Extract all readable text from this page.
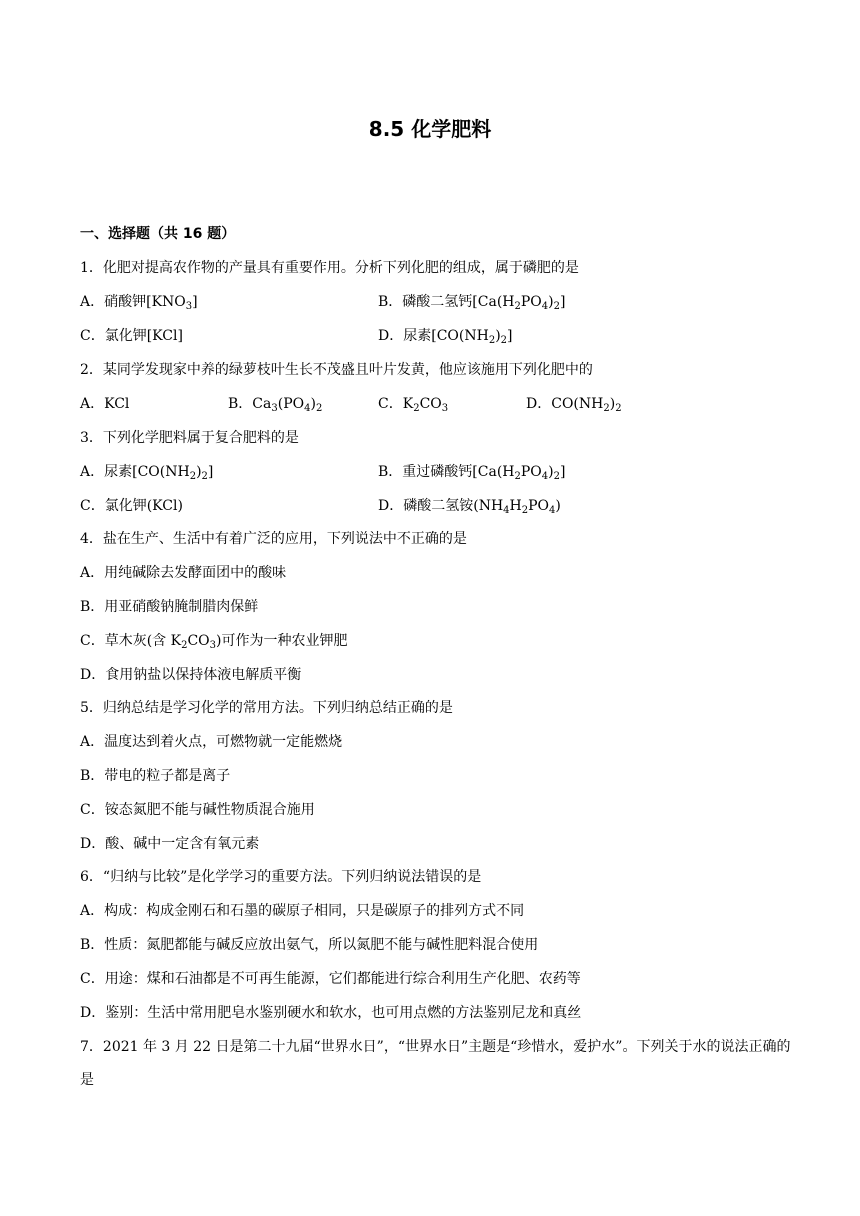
8.5 化学肥料
一、选择题（共 16 题）
1．化肥对提高农作物的产量具有重要作用。分析下列化肥的组成，属于磷肥的是
A．硝酸钾$[KNO_3]$	B．磷酸二氢钙$[Ca(H_2PO_4)_2]$
C．氯化钾[KCl]	D．尿素$[CO(NH_2)_2]$
2．某同学发现家中养的绿萝枝叶生长不茂盛且叶片发黄，他应该施用下列化肥中的
A．KCl	B．$Ca_3(PO_4)_2$	C．$K_2CO_3$	D．$CO(NH_2)_2$
3．下列化学肥料属于复合肥料的是
A．尿素$[CO(NH_2)_2]$	B．重过磷酸钙$[Ca(H_2PO_4)_2]$
C．氯化钾(KCl)	D．磷酸二氢铵$(NH_4H_2PO_4)$
4．盐在生产、生活中有着广泛的应用，下列说法中不正确的是
A．用纯碱除去发酵面团中的酸味
B．用亚硝酸钠腌制腊肉保鲜
C．草木灰(含 $K_2CO_3$)可作为一种农业钾肥
D．食用钠盐以保持体液电解质平衡
5．归纳总结是学习化学的常用方法。下列归纳总结正确的是
A．温度达到着火点，可燃物就一定能燃烧
B．带电的粒子都是离子
C．铵态氮肥不能与碱性物质混合施用
D．酸、碱中一定含有氧元素
6．“归纳与比较”是化学学习的重要方法。下列归纳说法错误的是
A．构成：构成金刚石和石墨的碳原子相同，只是碳原子的排列方式不同
B．性质：氮肥都能与碱反应放出氨气，所以氮肥不能与碱性肥料混合使用
C．用途：煤和石油都是不可再生能源，它们都能进行综合利用生产化肥、农药等
D．鉴别：生活中常用肥皂水鉴别硬水和软水，也可用点燃的方法鉴别尼龙和真丝
7．2021 年 3 月 22 日是第二十九届“世界水日”，“世界水日”主题是“珍惜水，爱护水”。下列关于水的说法正确的是
